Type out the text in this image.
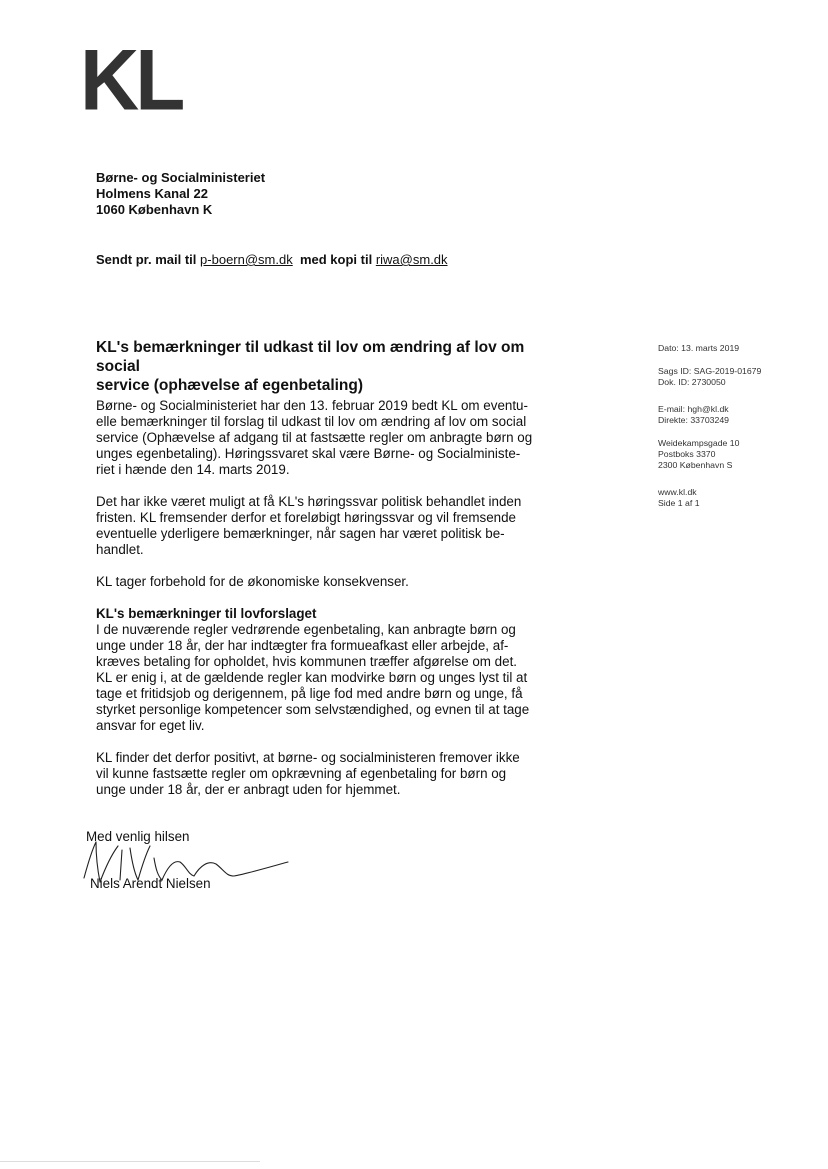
KL
Børne- og Socialministeriet
Holmens Kanal 22
1060 København K
Sendt pr. mail til p-boern@sm.dk med kopi til riwa@sm.dk
KL's bemærkninger til udkast til lov om ændring af lov om social
service (ophævelse af egenbetaling)
Dato: 13. marts 2019
Sags ID: SAG-2019-01679
Dok. ID: 2730050
E-mail: hgh@kl.dk
Direkte: 33703249
Weidekampsgade 10
Postboks 3370
2300 København S
www.kl.dk
Side 1 af 1
Børne- og Socialministeriet har den 13. februar 2019 bedt KL om eventu-
elle bemærkninger til forslag til udkast til lov om ændring af lov om social
service (Ophævelse af adgang til at fastsætte regler om anbragte børn og
unges egenbetaling). Høringssvaret skal være Børne- og Socialministe-
riet i hænde den 14. marts 2019.
Det har ikke været muligt at få KL's høringssvar politisk behandlet inden
fristen. KL fremsender derfor et foreløbigt høringssvar og vil fremsende
eventuelle yderligere bemærkninger, når sagen har været politisk be-
handlet.
KL tager forbehold for de økonomiske konsekvenser.
KL's bemærkninger til lovforslaget
I de nuværende regler vedrørende egenbetaling, kan anbragte børn og
unge under 18 år, der har indtægter fra formueafkast eller arbejde, af-
kræves betaling for opholdet, hvis kommunen træffer afgørelse om det.
KL er enig i, at de gældende regler kan modvirke børn og unges lyst til at
tage et fritidsjob og derigennem, på lige fod med andre børn og unge, få
styrket personlige kompetencer som selvstændighed, og evnen til at tage
ansvar for eget liv.
KL finder det derfor positivt, at børne- og socialministeren fremover ikke
vil kunne fastsætte regler om opkrævning af egenbetaling for børn og
unge under 18 år, der er anbragt uden for hjemmet.
Med venlig hilsen
Niels Arendt Nielsen
